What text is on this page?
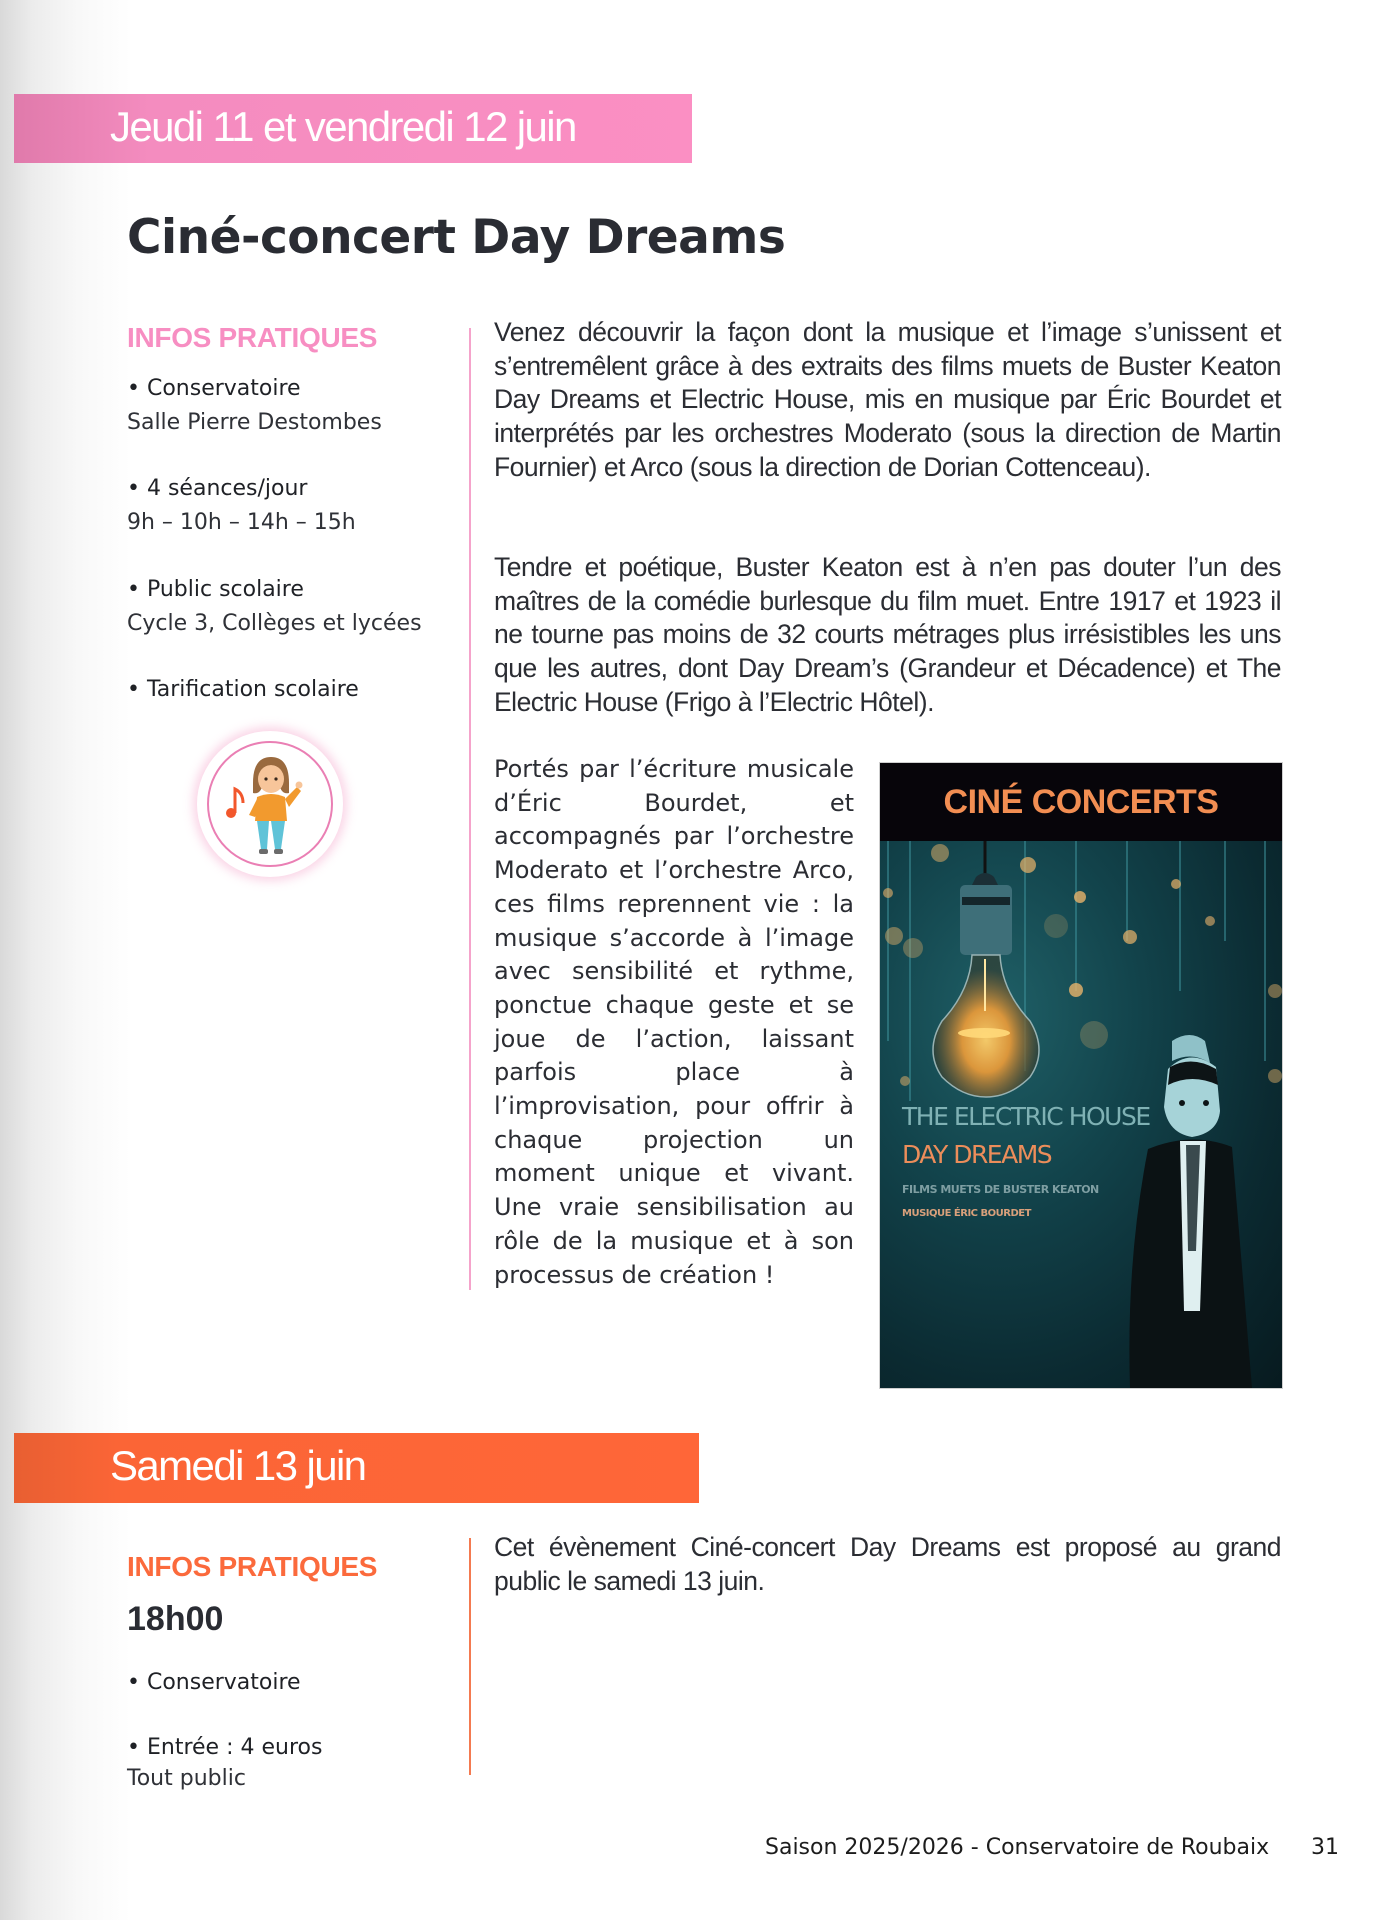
Jeudi 11 et vendredi 12 juin
Ciné-concert Day Dreams
INFOS PRATIQUES
• Conservatoire
Salle Pierre Destombes
• 4 séances/jour
9h – 10h – 14h – 15h
• Public scolaire
Cycle 3, Collèges et lycées
• Tarification scolaire
Venez découvrir la façon dont la musique et l’image s’unissent et s’entremêlent grâce à des extraits des films muets de Buster Keaton Day Dreams et Electric House, mis en musique par Éric Bourdet et interprétés par les orchestres Moderato (sous la direction de Martin Fournier) et Arco (sous la direction de Dorian Cottenceau).
Tendre et poétique, Buster Keaton est à n’en pas douter l’un des maîtres de la comédie burlesque du film muet. Entre 1917 et 1923 il ne tourne pas moins de 32 courts métrages plus irrésistibles les uns que les autres, dont Day Dream’s (Grandeur et Décadence) et The Electric House (Frigo à l’Electric Hôtel).
Portés par l’écriture musicale d’Éric Bourdet, et accompagnés par l’orchestre Moderato et l’orchestre Arco, ces films reprennent vie : la musique s’accorde à l’image avec sensibilité et rythme, ponctue chaque geste et se joue de l’action, laissant parfois place à l’improvisation, pour offrir à chaque projection un moment unique et vivant. Une vraie sensibilisation au rôle de la musique et à son processus de création !
CINÉ CONCERTS
THE ELECTRIC HOUSE
DAY DREAMS
FILMS MUETS DE BUSTER KEATON
MUSIQUE ÉRIC BOURDET
Samedi 13 juin
INFOS PRATIQUES
18h00
• Conservatoire
• Entrée : 4 euros
Tout public
Cet évènement Ciné-concert Day Dreams est proposé au grand public le samedi 13 juin.
Saison 2025/2026 - Conservatoire de Roubaix 31
